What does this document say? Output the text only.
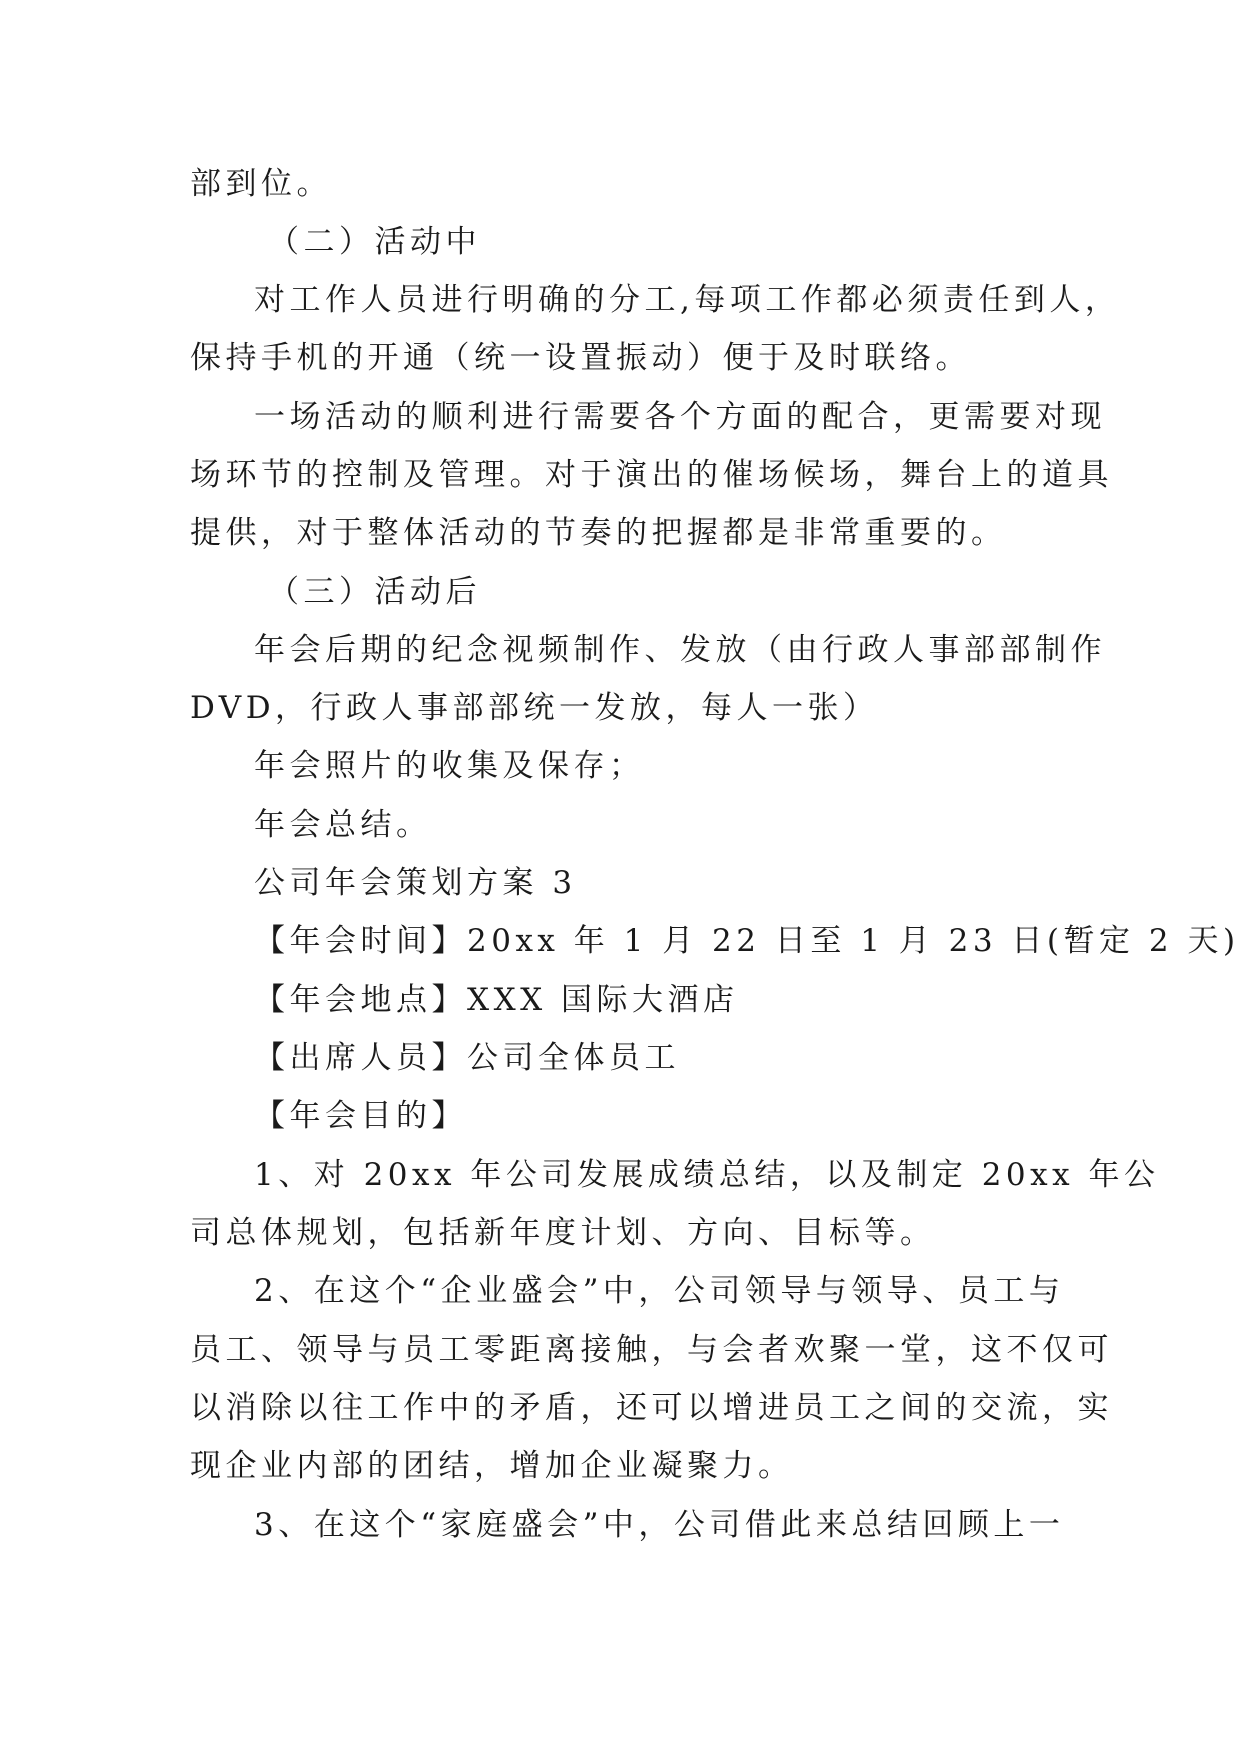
部到位。
（二）活动中
对工作人员进行明确的分工,每项工作都必须责任到人，
保持手机的开通（统一设置振动）便于及时联络。
一场活动的顺利进行需要各个方面的配合，更需要对现
场环节的控制及管理。对于演出的催场候场，舞台上的道具
提供，对于整体活动的节奏的把握都是非常重要的。
（三）活动后
年会后期的纪念视频制作、发放（由行政人事部部制作
DVD，行政人事部部统一发放，每人一张）
年会照片的收集及保存；
年会总结。
公司年会策划方案 3
【年会时间】20xx 年 1 月 22 日至 1 月 23 日(暂定 2 天)
【年会地点】XXX 国际大酒店
【出席人员】公司全体员工
【年会目的】
1、对 20xx 年公司发展成绩总结，以及制定 20xx 年公
司总体规划，包括新年度计划、方向、目标等。
2、在这个“企业盛会”中，公司领导与领导、员工与
员工、领导与员工零距离接触，与会者欢聚一堂，这不仅可
以消除以往工作中的矛盾，还可以增进员工之间的交流，实
现企业内部的团结，增加企业凝聚力。
3、在这个“家庭盛会”中，公司借此来总结回顾上一
